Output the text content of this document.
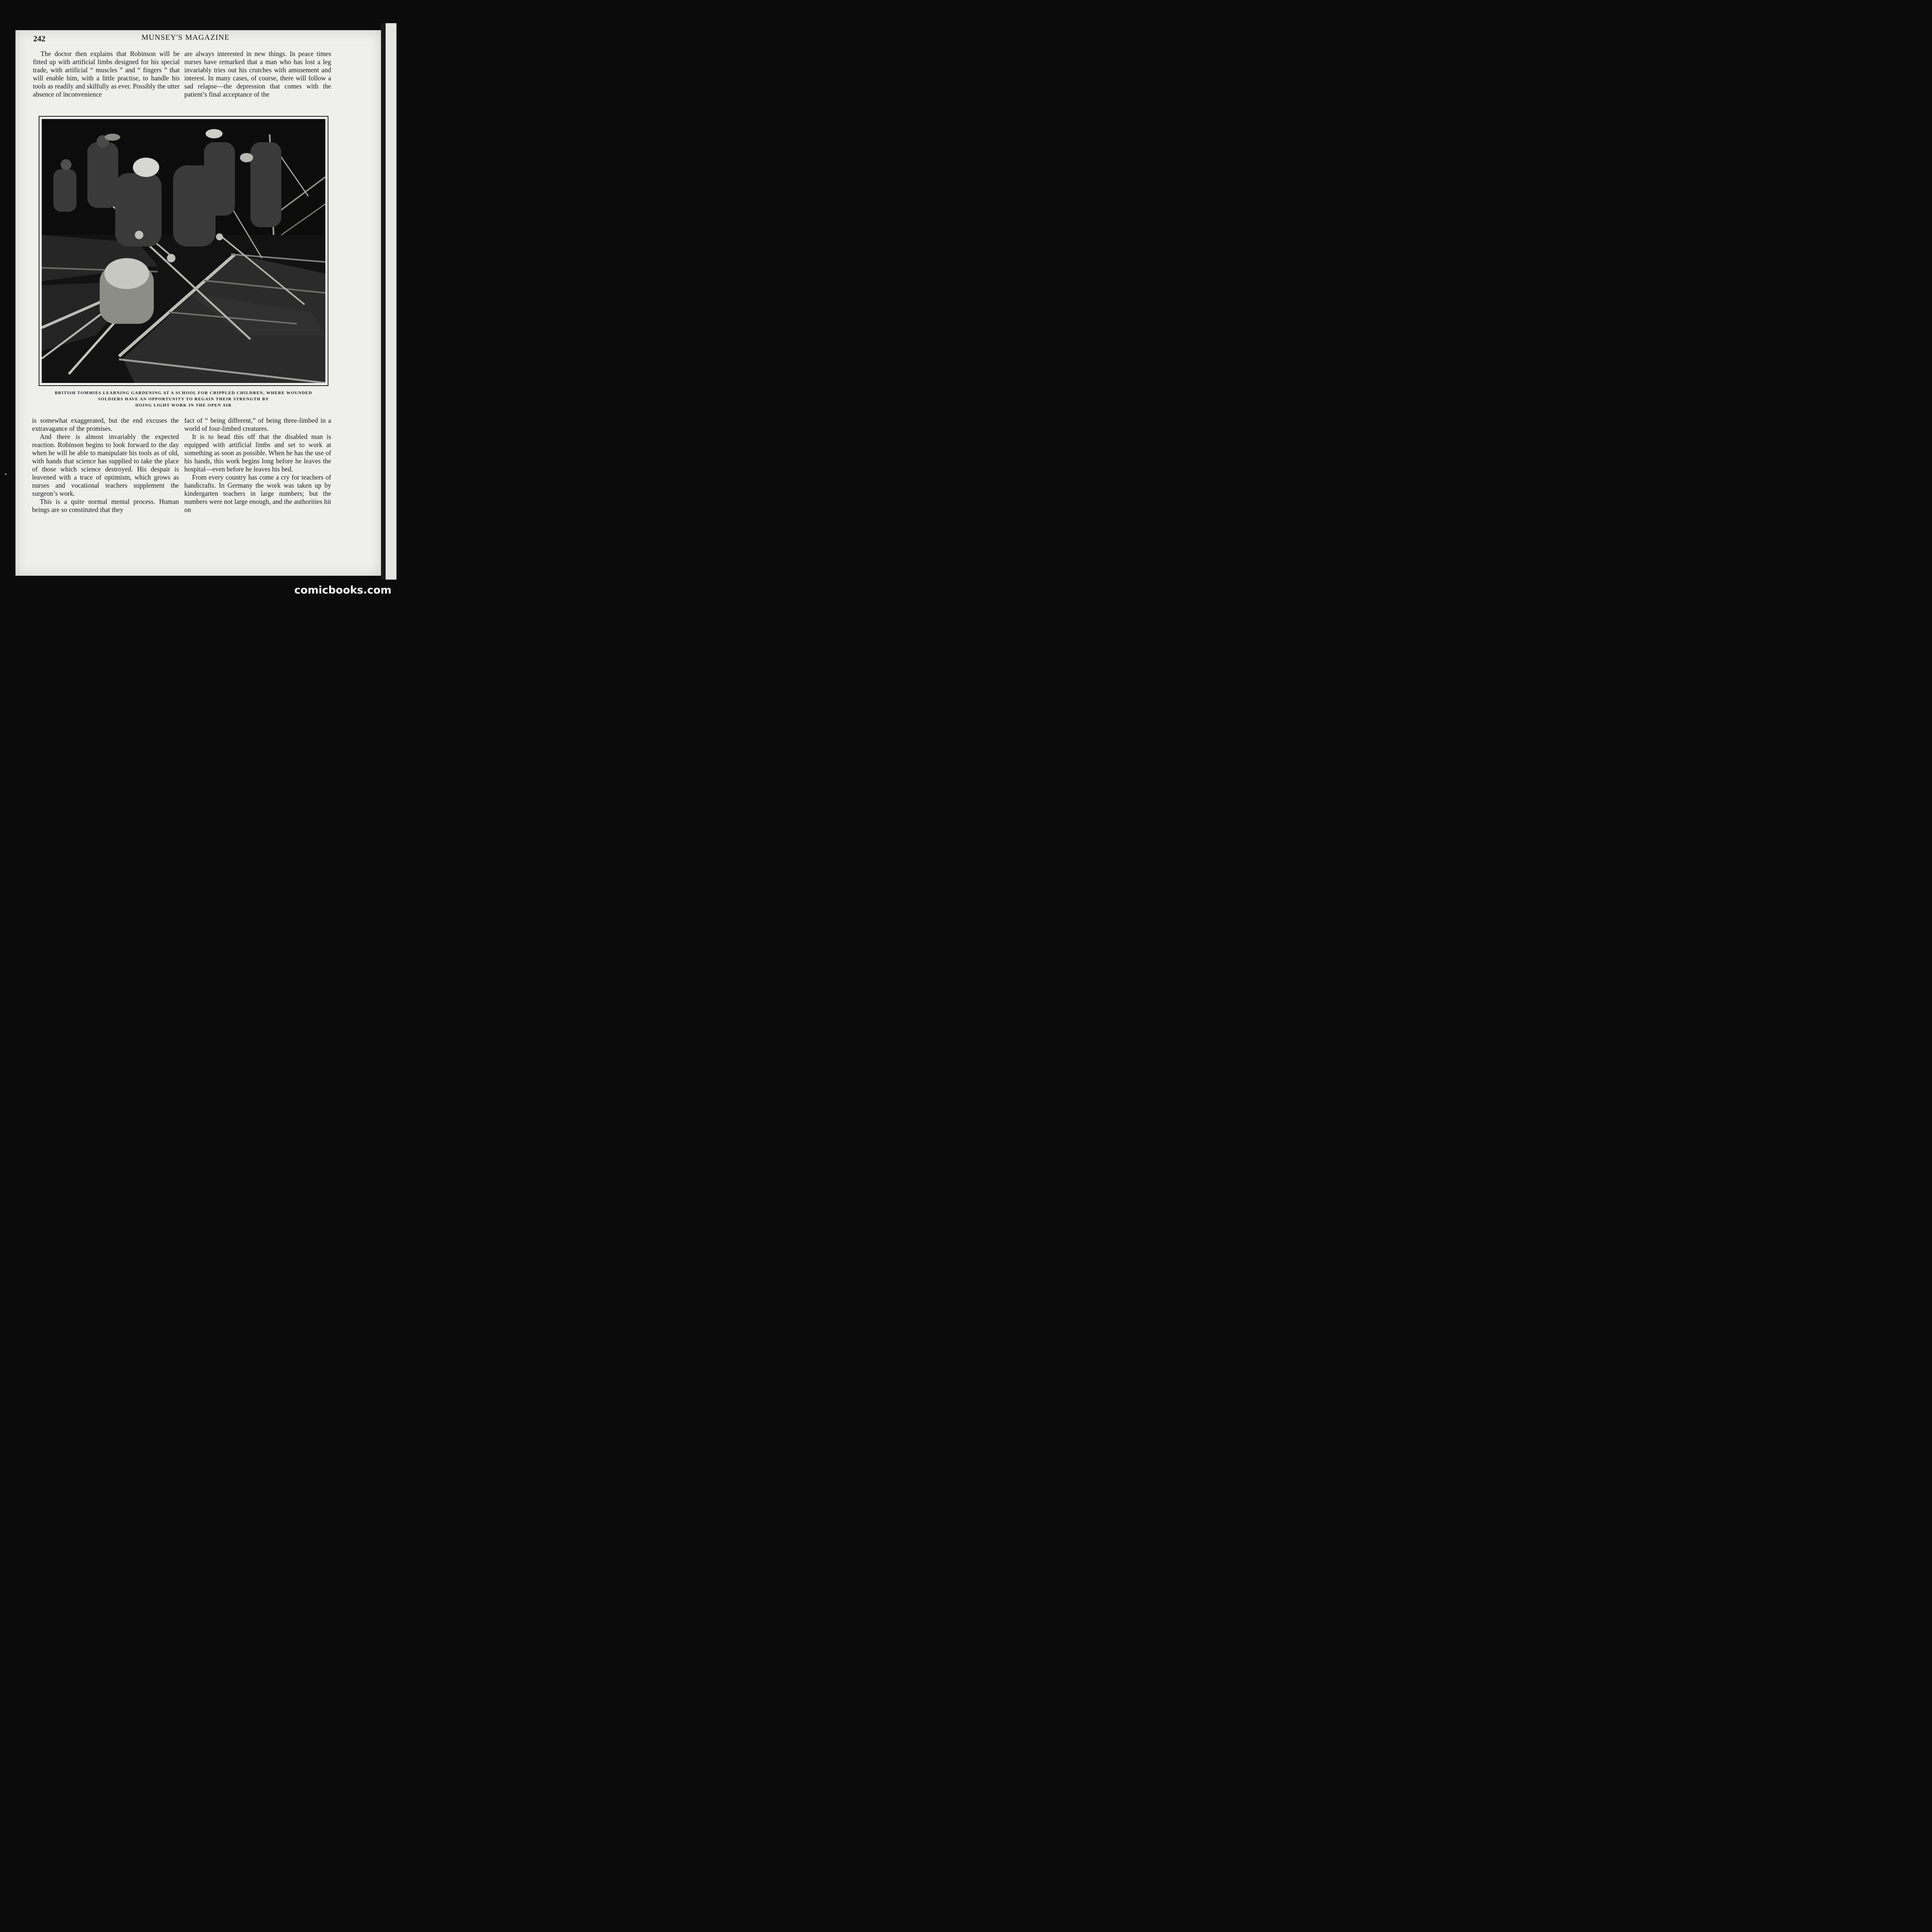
242	MUNSEY'S MAGAZINE

The doctor then explains that Robinson will be fitted up with artificial limbs designed for his special trade, with artificial “ muscles ” and “ fingers ” that will enable him, with a little practise, to handle his tools as readily and skilfully as ever. Possibly the utter absence of inconvenience

are always interested in new things. In peace times nurses have remarked that a man who has lost a leg invariably tries out his crutches with amusement and interest. In many cases, of course, there will follow a sad relapse—the depression that comes with the patient’s final acceptance of the

BRITISH TOMMIES LEARNING GARDENING AT A SCHOOL FOR CRIPPLED CHILDREN, WHERE WOUNDED
SOLDIERS HAVE AN OPPORTUNITY TO REGAIN THEIR STRENGTH BY
DOING LIGHT WORK IN THE OPEN AIR

is somewhat exaggerated, but the end excuses the extravagance of the promises.

And there is almost invariably the expected reaction. Robinson begins to look forward to the day when he will be able to manipulate his tools as of old, with hands that science has supplied to take the place of those which science destroyed. His despair is leavened with a trace of optimism, which grows as nurses and vocational teachers supplement the surgeon’s work.

This is a quite normal mental process. Human beings are so constituted that they

fact of “ being different,” of being three-limbed in a world of four-limbed creatures.

It is to head this off that the disabled man is equipped with artificial limbs and set to work at something as soon as possible. When he has the use of his hands, this work begins long before he leaves the hospital—even before he leaves his bed.

From every country has come a cry for teachers of handicrafts. In Germany the work was taken up by kindergarten teachers in large numbers; but the numbers were not large enough, and the authorities hit on

comicbooks.com
